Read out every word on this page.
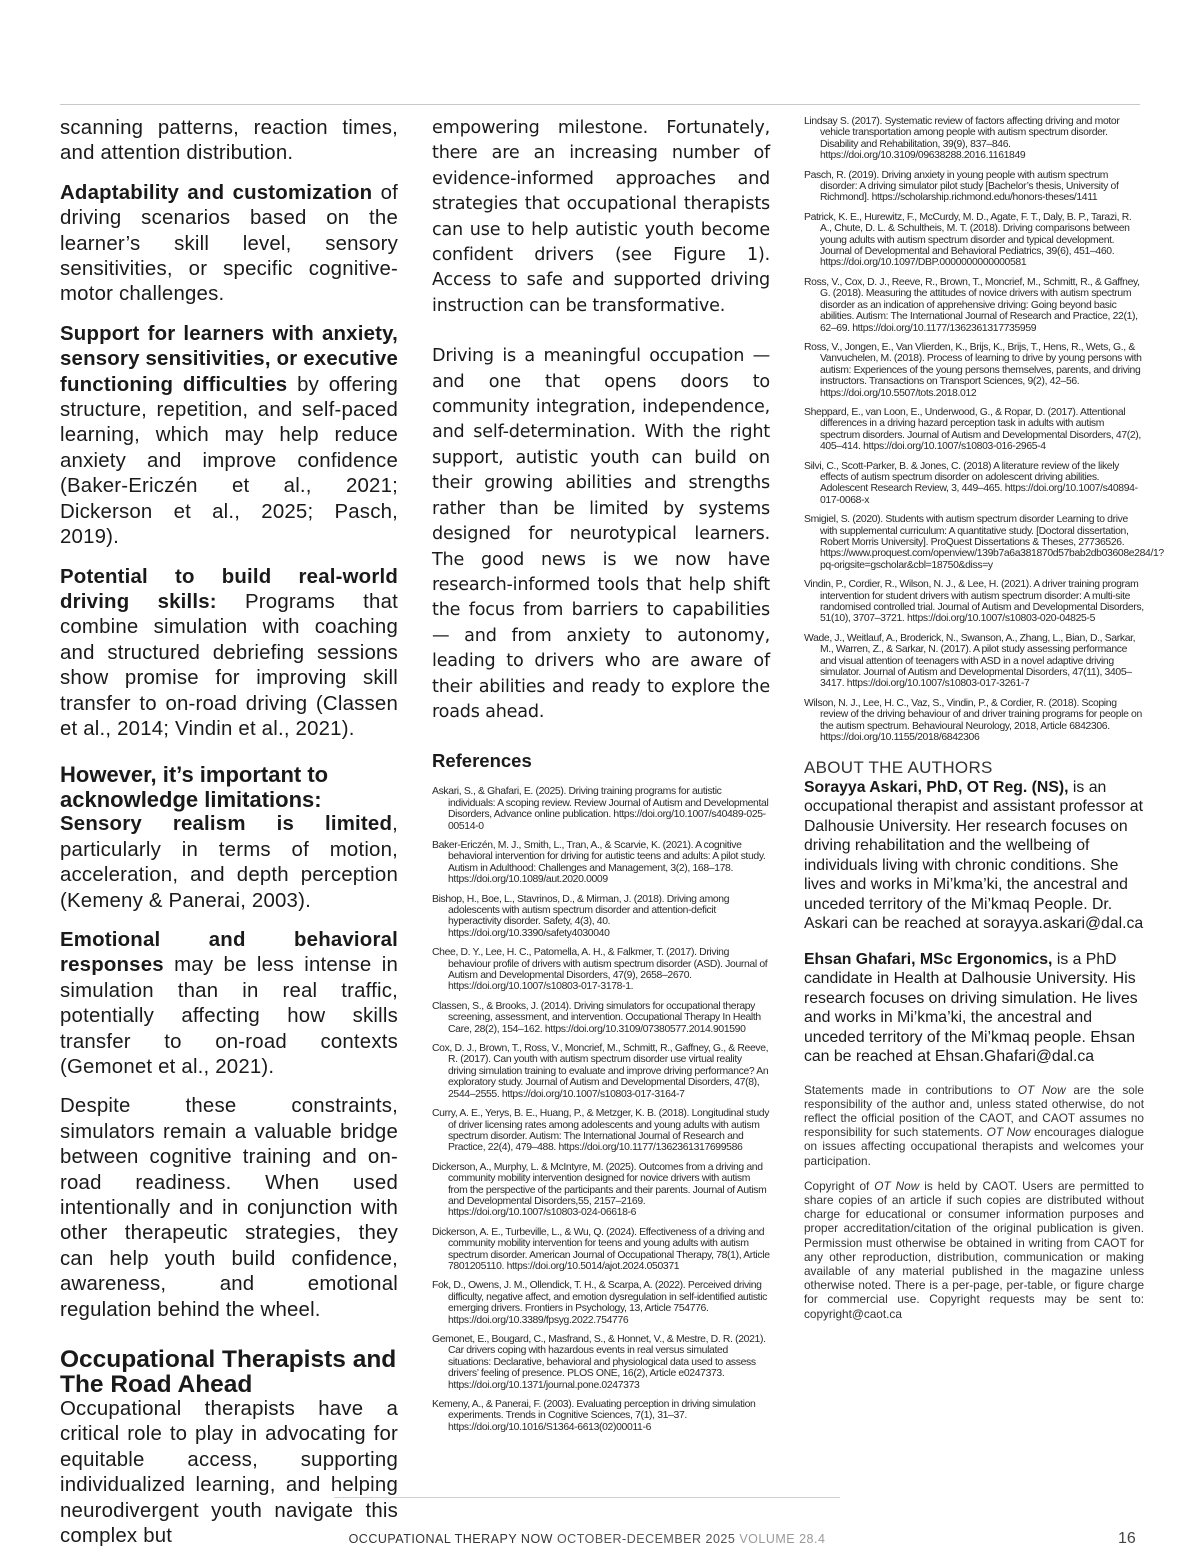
scanning patterns, reaction times, and attention distribution.

Adaptability and customization of driving scenarios based on the learner’s skill level, sensory sensitivities, or specific cognitive-motor challenges.

Support for learners with anxiety, sensory sensitivities, or executive functioning difficulties by offering structure, repetition, and self-paced learning, which may help reduce anxiety and improve confidence (Baker-Ericzén et al., 2021; Dickerson et al., 2025; Pasch, 2019).

Potential to build real-world driving skills: Programs that combine simulation with coaching and structured debriefing sessions show promise for improving skill transfer to on-road driving (Classen et al., 2014; Vindin et al., 2021).

However, it’s important to acknowledge limitations:

Sensory realism is limited, particularly in terms of motion, acceleration, and depth perception (Kemeny & Panerai, 2003).

Emotional and behavioral responses may be less intense in simulation than in real traffic, potentially affecting how skills transfer to on-road contexts (Gemonet et al., 2021).

Despite these constraints, simulators remain a valuable bridge between cognitive training and on-road readiness. When used intentionally and in conjunction with other therapeutic strategies, they can help youth build confidence, awareness, and emotional regulation behind the wheel.

Occupational Therapists and The Road Ahead

Occupational therapists have a critical role to play in advocating for equitable access, supporting individualized learning, and helping neurodivergent youth navigate this complex but

empowering milestone. Fortunately, there are an increasing number of evidence-informed approaches and strategies that occupational therapists can use to help autistic youth become confident drivers (see Figure 1). Access to safe and supported driving instruction can be transformative.

Driving is a meaningful occupation — and one that opens doors to community integration, independence, and self-determination. With the right support, autistic youth can build on their growing abilities and strengths rather than be limited by systems designed for neurotypical learners. The good news is we now have research-informed tools that help shift the focus from barriers to capabilities — and from anxiety to autonomy, leading to drivers who are aware of their abilities and ready to explore the roads ahead.

References

Askari, S., & Ghafari, E. (2025). Driving training programs for autistic individuals: A scoping review. Review Journal of Autism and Developmental Disorders, Advance online publication. https://doi.org/10.1007/s40489-025-00514-0

Baker-Ericzén, M. J., Smith, L., Tran, A., & Scarvie, K. (2021). A cognitive behavioral intervention for driving for autistic teens and adults: A pilot study. Autism in Adulthood: Challenges and Management, 3(2), 168–178. https://doi.org/10.1089/aut.2020.0009

Bishop, H., Boe, L., Stavrinos, D., & Mirman, J. (2018). Driving among adolescents with autism spectrum disorder and attention-deficit hyperactivity disorder. Safety, 4(3), 40. https://doi.org/10.3390/safety4030040

Chee, D. Y., Lee, H. C., Patomella, A. H., & Falkmer, T. (2017). Driving behaviour profile of drivers with autism spectrum disorder (ASD). Journal of Autism and Developmental Disorders, 47(9), 2658–2670. https://doi.org/10.1007/s10803-017-3178-1.

Classen, S., & Brooks, J. (2014). Driving simulators for occupational therapy screening, assessment, and intervention. Occupational Therapy In Health Care, 28(2), 154–162. https://doi.org/10.3109/07380577.2014.901590

Cox, D. J., Brown, T., Ross, V., Moncrief, M., Schmitt, R., Gaffney, G., & Reeve, R. (2017). Can youth with autism spectrum disorder use virtual reality driving simulation training to evaluate and improve driving performance? An exploratory study. Journal of Autism and Developmental Disorders, 47(8), 2544–2555. https://doi.org/10.1007/s10803-017-3164-7

Curry, A. E., Yerys, B. E., Huang, P., & Metzger, K. B. (2018). Longitudinal study of driver licensing rates among adolescents and young adults with autism spectrum disorder. Autism: The International Journal of Research and Practice, 22(4), 479–488. https://doi.org/10.1177/1362361317699586

Dickerson, A., Murphy, L. & McIntyre, M. (2025). Outcomes from a driving and community mobility intervention designed for novice drivers with autism from the perspective of the participants and their parents. Journal of Autism and Developmental Disorders,55, 2157–2169. https://doi.org/10.1007/s10803-024-06618-6

Dickerson, A. E., Turbeville, L., & Wu, Q. (2024). Effectiveness of a driving and community mobility intervention for teens and young adults with autism spectrum disorder. American Journal of Occupational Therapy, 78(1), Article 7801205110. https://doi.org/10.5014/ajot.2024.050371

Fok, D., Owens, J. M., Ollendick, T. H., & Scarpa, A. (2022). Perceived driving difficulty, negative affect, and emotion dysregulation in self-identified autistic emerging drivers. Frontiers in Psychology, 13, Article 754776. https://doi.org/10.3389/fpsyg.2022.754776

Gemonet, E., Bougard, C., Masfrand, S., & Honnet, V., & Mestre, D. R. (2021). Car drivers coping with hazardous events in real versus simulated situations: Declarative, behavioral and physiological data used to assess drivers’ feeling of presence. PLOS ONE, 16(2), Article e0247373. https://doi.org/10.1371/journal.pone.0247373

Kemeny, A., & Panerai, F. (2003). Evaluating perception in driving simulation experiments. Trends in Cognitive Sciences, 7(1), 31–37. https://doi.org/10.1016/S1364-6613(02)00011-6

Lindsay S. (2017). Systematic review of factors affecting driving and motor vehicle transportation among people with autism spectrum disorder. Disability and Rehabilitation, 39(9), 837–846. https://doi.org/10.3109/09638288.2016.1161849

Pasch, R. (2019). Driving anxiety in young people with autism spectrum disorder: A driving simulator pilot study [Bachelor’s thesis, University of Richmond]. https://scholarship.richmond.edu/honors-theses/1411

Patrick, K. E., Hurewitz, F., McCurdy, M. D., Agate, F. T., Daly, B. P., Tarazi, R. A., Chute, D. L. & Schultheis, M. T. (2018). Driving comparisons between young adults with autism spectrum disorder and typical development. Journal of Developmental and Behavioral Pediatrics, 39(6), 451–460. https://doi.org/10.1097/DBP.0000000000000581

Ross, V., Cox, D. J., Reeve, R., Brown, T., Moncrief, M., Schmitt, R., & Gaffney, G. (2018). Measuring the attitudes of novice drivers with autism spectrum disorder as an indication of apprehensive driving: Going beyond basic abilities. Autism: The International Journal of Research and Practice, 22(1), 62–69. https://doi.org/10.1177/1362361317735959

Ross, V., Jongen, E., Van Vlierden, K., Brijs, K., Brijs, T., Hens, R., Wets, G., & Vanvuchelen, M. (2018). Process of learning to drive by young persons with autism: Experiences of the young persons themselves, parents, and driving instructors. Transactions on Transport Sciences, 9(2), 42–56. https://doi.org/10.5507/tots.2018.012

Sheppard, E., van Loon, E., Underwood, G., & Ropar, D. (2017). Attentional differences in a driving hazard perception task in adults with autism spectrum disorders. Journal of Autism and Developmental Disorders, 47(2), 405–414. https://doi.org/10.1007/s10803-016-2965-4

Silvi, C., Scott-Parker, B. & Jones, C. (2018) A literature review of the likely effects of autism spectrum disorder on adolescent driving abilities. Adolescent Research Review, 3, 449–465. https://doi.org/10.1007/s40894-017-0068-x

Smigiel, S. (2020). Students with autism spectrum disorder Learning to drive with supplemental curriculum: A quantitative study. [Doctoral dissertation, Robert Morris University]. ProQuest Dissertations & Theses, 27736526. https://www.proquest.com/openview/139b7a6a381870d57bab2db03608e284/1?pq-origsite=gscholar&cbl=18750&diss=y

Vindin, P., Cordier, R., Wilson, N. J., & Lee, H. (2021). A driver training program intervention for student drivers with autism spectrum disorder: A multi-site randomised controlled trial. Journal of Autism and Developmental Disorders, 51(10), 3707–3721. https://doi.org/10.1007/s10803-020-04825-5

Wade, J., Weitlauf, A., Broderick, N., Swanson, A., Zhang, L., Bian, D., Sarkar, M., Warren, Z., & Sarkar, N. (2017). A pilot study assessing performance and visual attention of teenagers with ASD in a novel adaptive driving simulator. Journal of Autism and Developmental Disorders, 47(11), 3405–3417. https://doi.org/10.1007/s10803-017-3261-7

Wilson, N. J., Lee, H. C., Vaz, S., Vindin, P., & Cordier, R. (2018). Scoping review of the driving behaviour of and driver training programs for people on the autism spectrum. Behavioural Neurology, 2018, Article 6842306. https://doi.org/10.1155/2018/6842306

ABOUT THE AUTHORS

Sorayya Askari, PhD, OT Reg. (NS), is an occupational therapist and assistant professor at Dalhousie University. Her research focuses on driving rehabilitation and the wellbeing of individuals living with chronic conditions. She lives and works in Mi’kma’ki, the ancestral and unceded territory of the Mi’kmaq People. Dr. Askari can be reached at sorayya.askari@dal.ca

Ehsan Ghafari, MSc Ergonomics, is a PhD candidate in Health at Dalhousie University. His research focuses on driving simulation. He lives and works in Mi’kma’ki, the ancestral and unceded territory of the Mi’kmaq people. Ehsan can be reached at Ehsan.Ghafari@dal.ca

Statements made in contributions to OT Now are the sole responsibility of the author and, unless stated otherwise, do not reflect the official position of the CAOT, and CAOT assumes no responsibility for such statements. OT Now encourages dialogue on issues affecting occupational therapists and welcomes your participation.

Copyright of OT Now is held by CAOT. Users are permitted to share copies of an article if such copies are distributed without charge for educational or consumer information purposes and proper accreditation/citation of the original publication is given. Permission must otherwise be obtained in writing from CAOT for any other reproduction, distribution, communication or making available of any material published in the magazine unless otherwise noted. There is a per-page, per-table, or figure charge for commercial use. Copyright requests may be sent to: copyright@caot.ca

OCCUPATIONAL THERAPY NOW OCTOBER-DECEMBER 2025 VOLUME 28.4	16
